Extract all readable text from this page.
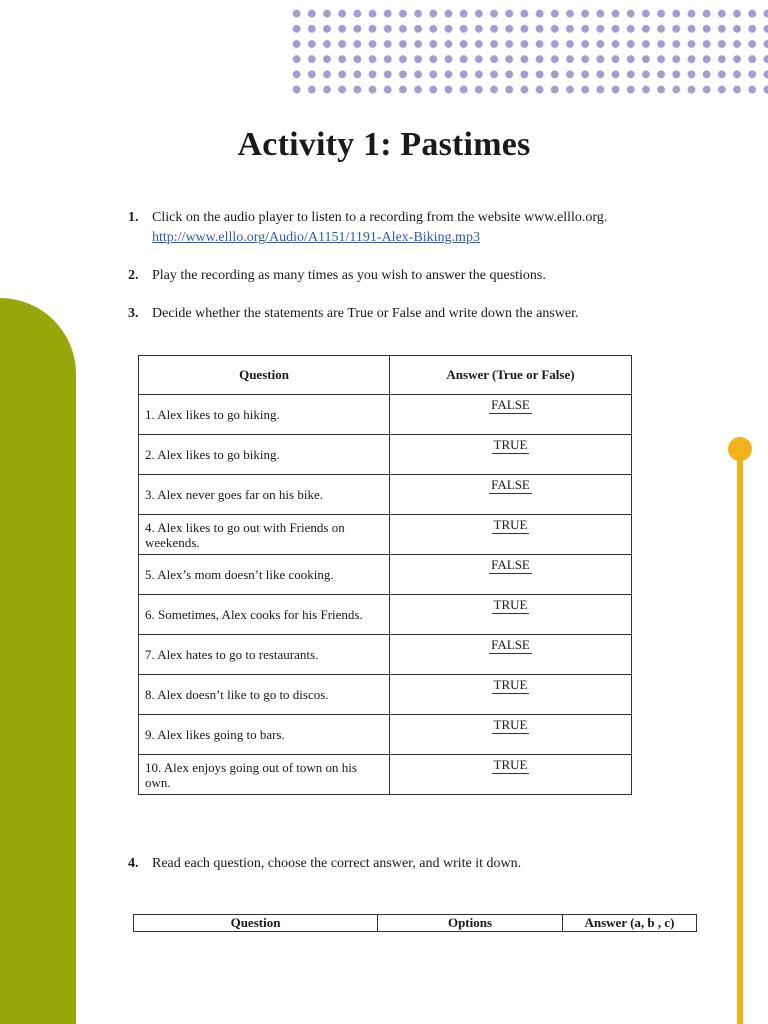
Activity 1: Pastimes
1. Click on the audio player to listen to a recording from the website www.elllo.org.
http://www.elllo.org/Audio/A1151/1191-Alex-Biking.mp3
2. Play the recording as many times as you wish to answer the questions.
3. Decide whether the statements are True or False and write down the answer.
Question	Answer (True or False)
1. Alex likes to go hiking.	FALSE
2. Alex likes to go biking.	TRUE
3. Alex never goes far on his bike.	FALSE
4. Alex likes to go out with Friends on weekends.	TRUE
5. Alex’s mom doesn’t like cooking.	FALSE
6. Sometimes, Alex cooks for his Friends.	TRUE
7. Alex hates to go to restaurants.	FALSE
8. Alex doesn’t like to go to discos.	TRUE
9. Alex likes going to bars.	TRUE
10. Alex enjoys going out of town on his own.	TRUE
4. Read each question, choose the correct answer, and write it down.
Question	Options	Answer (a, b , c)
